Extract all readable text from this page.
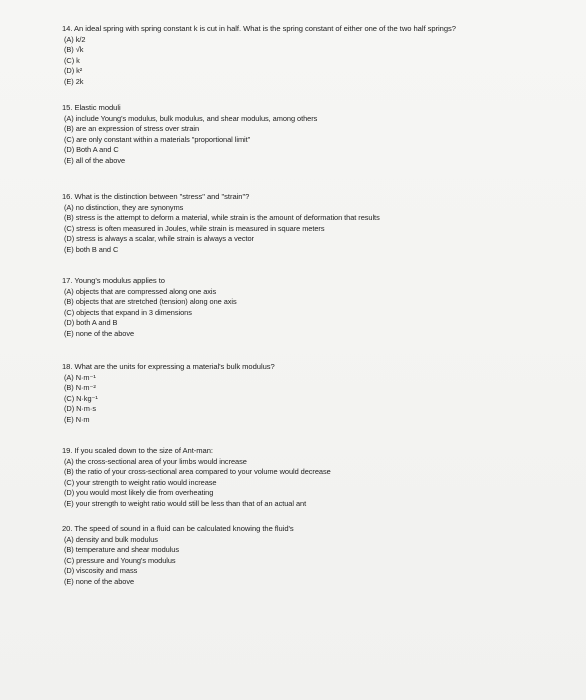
14. An ideal spring with spring constant k is cut in half. What is the spring constant of either one of the two half springs?
(A) k/2
(B) √k
(C) k
(D) k²
(E) 2k
15. Elastic moduli
(A) include Young's modulus, bulk modulus, and shear modulus, among others
(B) are an expression of stress over strain
(C) are only constant within a materials "proportional limit"
(D) Both A and C
(E) all of the above
16. What is the distinction between "stress" and "strain"?
(A) no distinction, they are synonyms
(B) stress is the attempt to deform a material, while strain is the amount of deformation that results
(C) stress is often measured in Joules, while strain is measured in square meters
(D) stress is always a scalar, while strain is always a vector
(E) both B and C
17. Young's modulus applies to
(A) objects that are compressed along one axis
(B) objects that are stretched (tension) along one axis
(C) objects that expand in 3 dimensions
(D) both A and B
(E) none of the above
18. What are the units for expressing a material's bulk modulus?
(A) N·m⁻¹
(B) N·m⁻²
(C) N·kg⁻¹
(D) N·m·s
(E) N·m
19. If you scaled down to the size of Ant-man:
(A) the cross-sectional area of your limbs would increase
(B) the ratio of your cross-sectional area compared to your volume would decrease
(C) your strength to weight ratio would increase
(D) you would most likely die from overheating
(E) your strength to weight ratio would still be less than that of an actual ant
20. The speed of sound in a fluid can be calculated knowing the fluid's
(A) density and bulk modulus
(B) temperature and shear modulus
(C) pressure and Young's modulus
(D) viscosity and mass
(E) none of the above
